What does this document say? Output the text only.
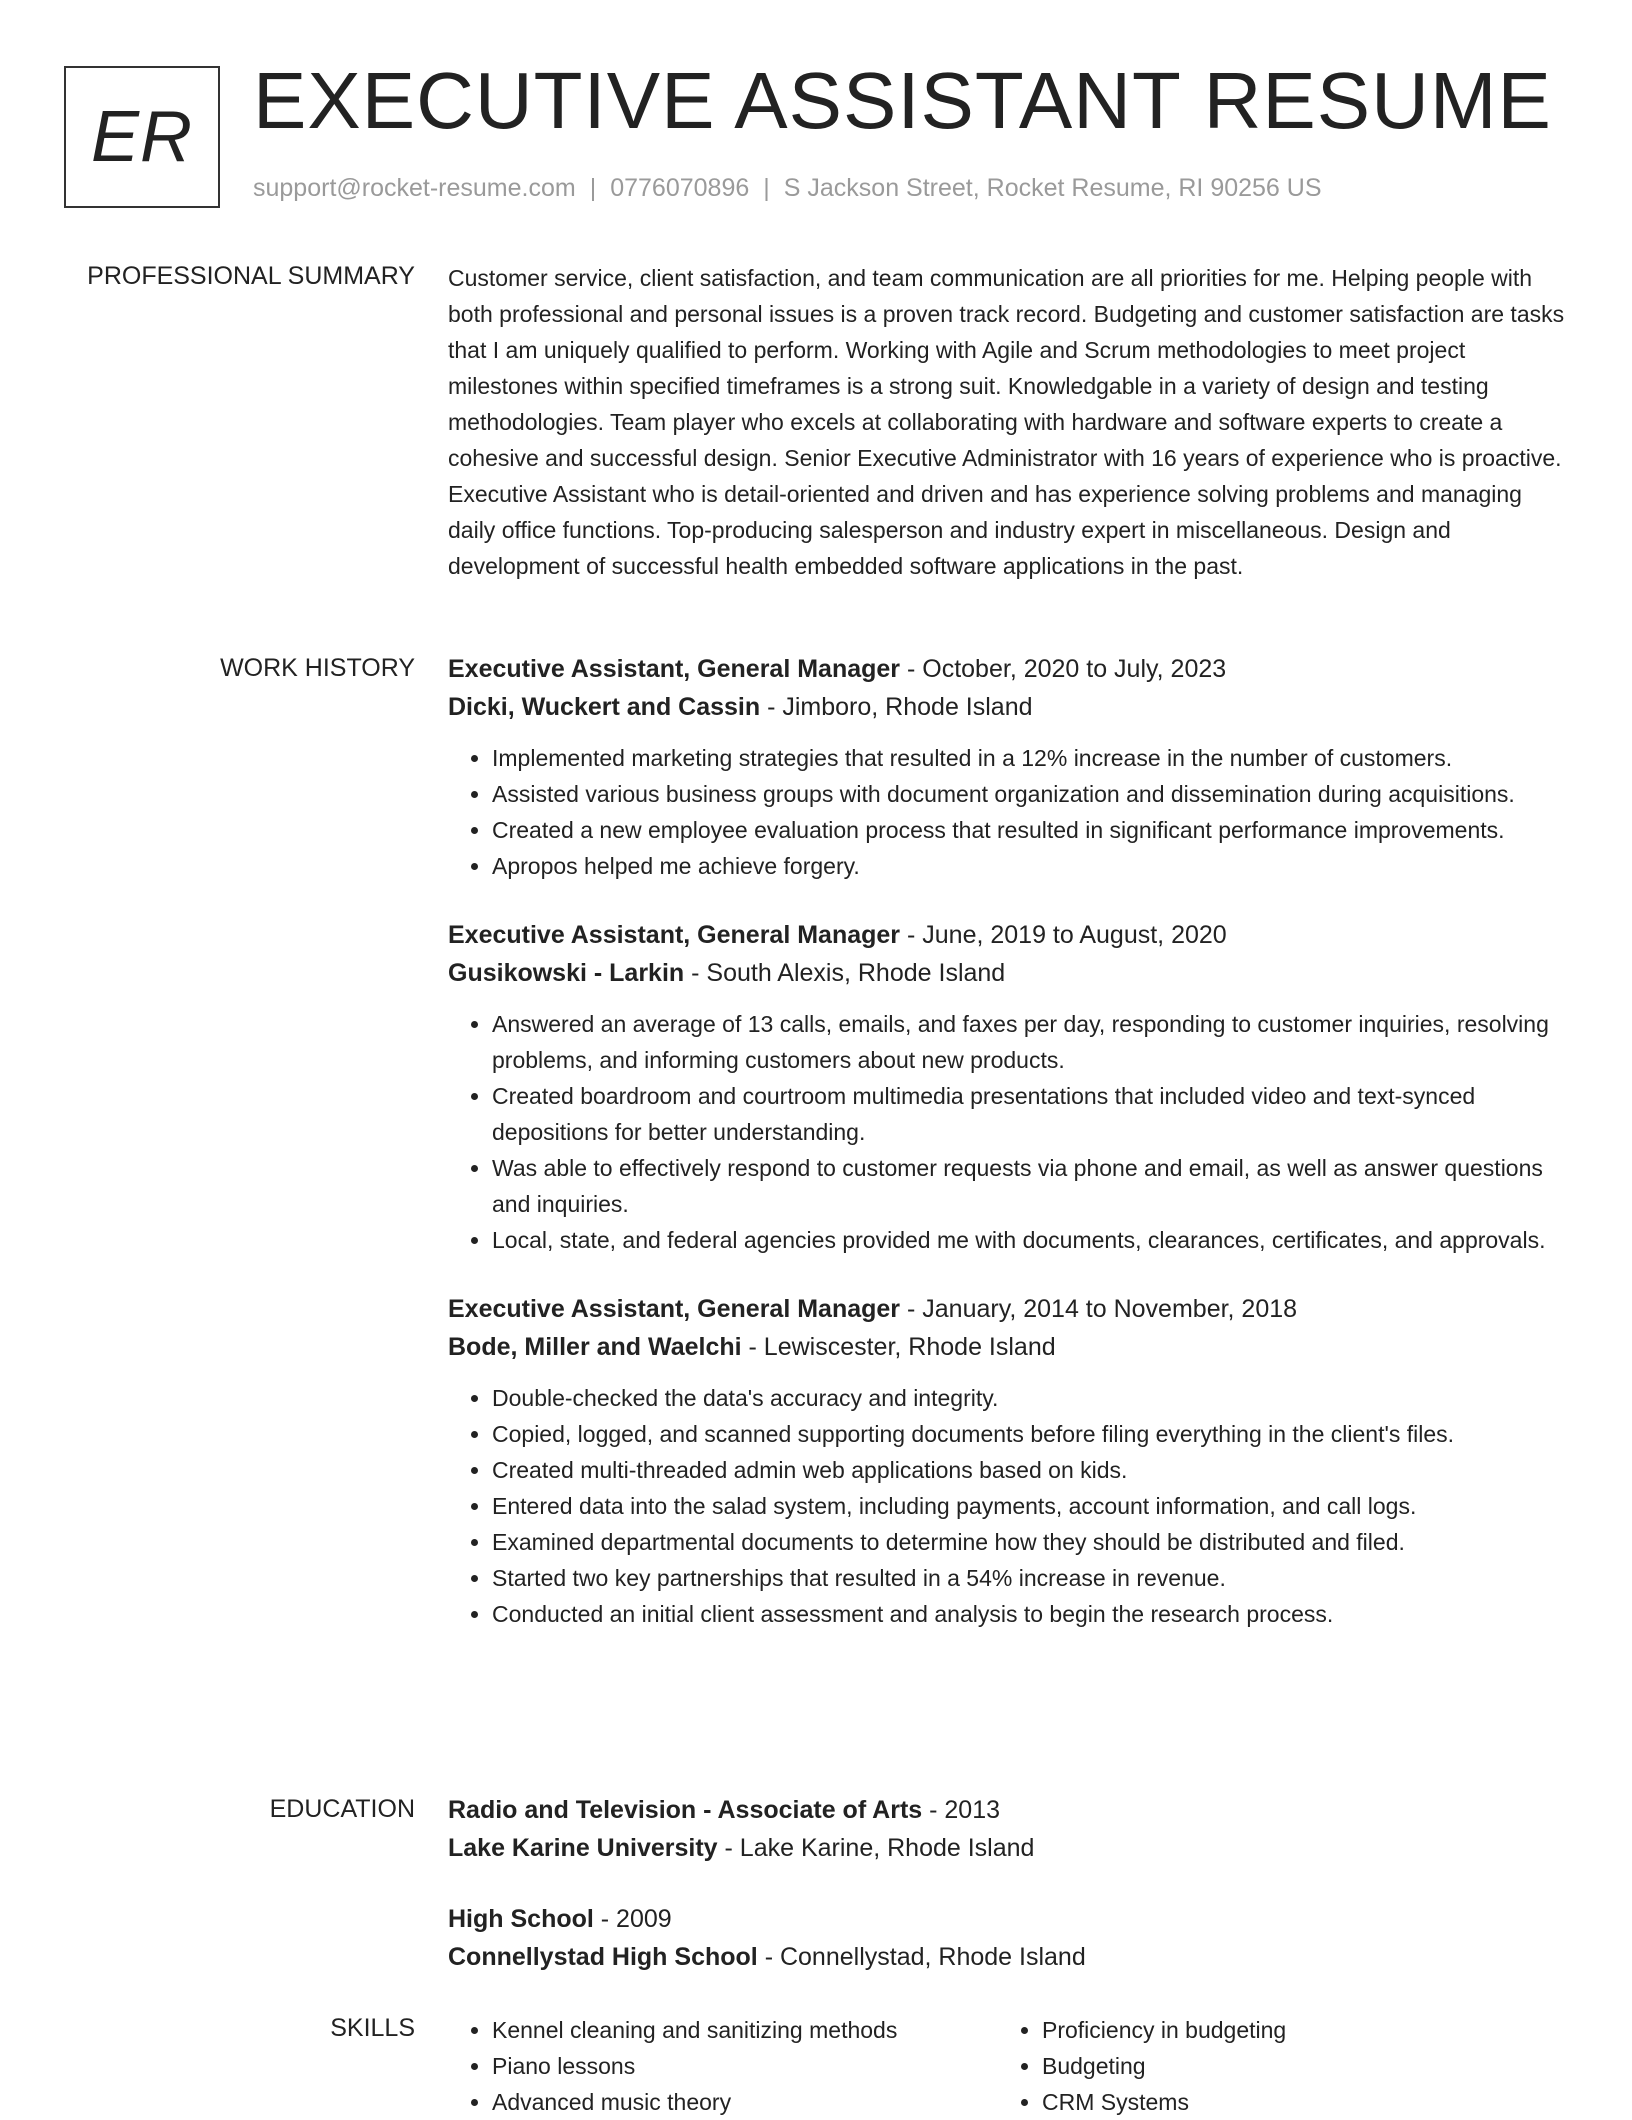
ER EXECUTIVE ASSISTANT RESUME
support@rocket-resume.com | 0776070896 | S Jackson Street, Rocket Resume, RI 90256 US
PROFESSIONAL SUMMARY Customer service, client satisfaction, and team communication are all priorities for me. Helping people with both professional and personal issues is a proven track record. Budgeting and customer satisfaction are tasks that I am uniquely qualified to perform. Working with Agile and Scrum methodologies to meet project milestones within specified timeframes is a strong suit. Knowledgable in a variety of design and testing methodologies. Team player who excels at collaborating with hardware and software experts to create a cohesive and successful design. Senior Executive Administrator with 16 years of experience who is proactive. Executive Assistant who is detail-oriented and driven and has experience solving problems and managing daily office functions. Top-producing salesperson and industry expert in miscellaneous. Design and development of successful health embedded software applications in the past.

WORK HISTORY Executive Assistant, General Manager - October, 2020 to July, 2023
Dicki, Wuckert and Cassin - Jimboro, Rhode Island
• Implemented marketing strategies that resulted in a 12% increase in the number of customers.
• Assisted various business groups with document organization and dissemination during acquisitions.
• Created a new employee evaluation process that resulted in significant performance improvements.
• Apropos helped me achieve forgery.
Executive Assistant, General Manager - June, 2019 to August, 2020
Gusikowski - Larkin - South Alexis, Rhode Island
• Answered an average of 13 calls, emails, and faxes per day, responding to customer inquiries, resolving problems, and informing customers about new products.
• Created boardroom and courtroom multimedia presentations that included video and text-synced depositions for better understanding.
• Was able to effectively respond to customer requests via phone and email, as well as answer questions and inquiries.
• Local, state, and federal agencies provided me with documents, clearances, certificates, and approvals.
Executive Assistant, General Manager - January, 2014 to November, 2018
Bode, Miller and Waelchi - Lewiscester, Rhode Island
• Double-checked the data's accuracy and integrity.
• Copied, logged, and scanned supporting documents before filing everything in the client's files.
• Created multi-threaded admin web applications based on kids.
• Entered data into the salad system, including payments, account information, and call logs.
• Examined departmental documents to determine how they should be distributed and filed.
• Started two key partnerships that resulted in a 54% increase in revenue.
• Conducted an initial client assessment and analysis to begin the research process.
EDUCATION Radio and Television - Associate of Arts - 2013
Lake Karine University - Lake Karine, Rhode Island
High School - 2009
Connellystad High School - Connellystad, Rhode Island
SKILLS
•	Kennel cleaning and sanitizing methods
• Piano lessons
• Advanced music theory
• Proficiency in budgeting
• Budgeting
• CRM Systems
